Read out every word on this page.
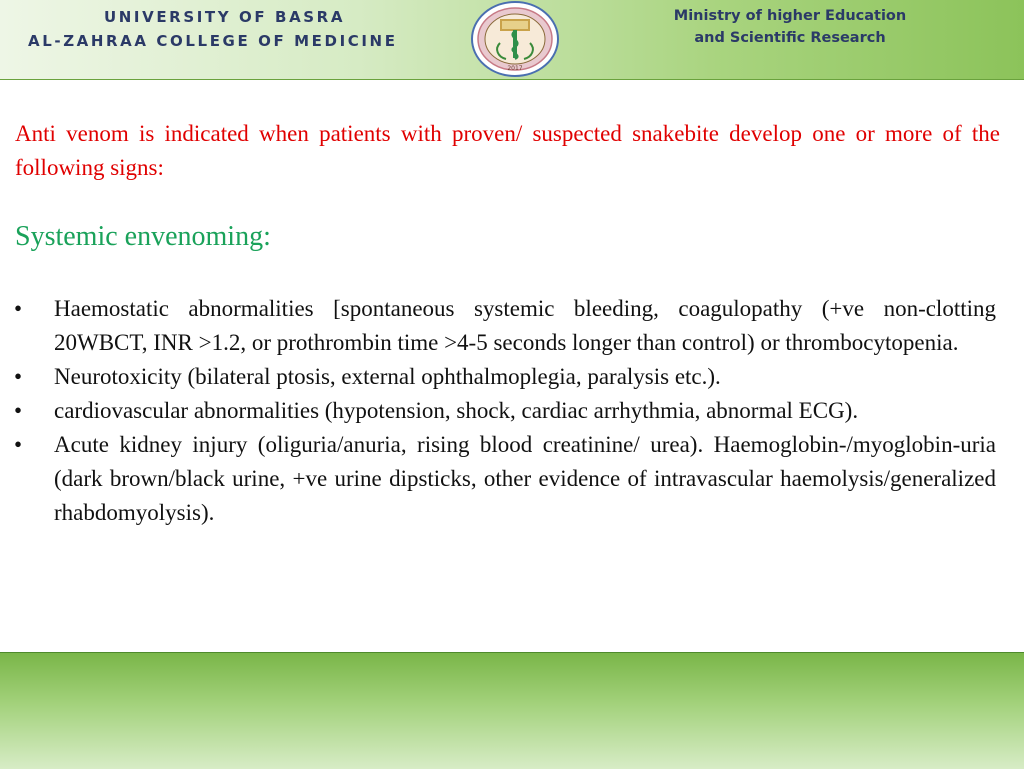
UNIVERSITY OF BASRA
AL-ZAHRAA COLLEGE OF MEDICINE
2017
Ministry of higher Education
and Scientific Research
Anti venom is indicated when patients with proven/ suspected snakebite develop one or more of the following signs:
Systemic envenoming:
• Haemostatic abnormalities [spontaneous systemic bleeding, coagulopathy (+ve non-clotting 20WBCT, INR >1.2, or prothrombin time >4-5 seconds longer than control) or thrombocytopenia.
• Neurotoxicity (bilateral ptosis, external ophthalmoplegia, paralysis etc.).
• cardiovascular abnormalities (hypotension, shock, cardiac arrhythmia, abnormal ECG).
• Acute kidney injury (oliguria/anuria, rising blood creatinine/ urea). Haemoglobin-/myoglobin-uria (dark brown/black urine, +ve urine dipsticks, other evidence of intravascular haemolysis/generalized rhabdomyolysis).
